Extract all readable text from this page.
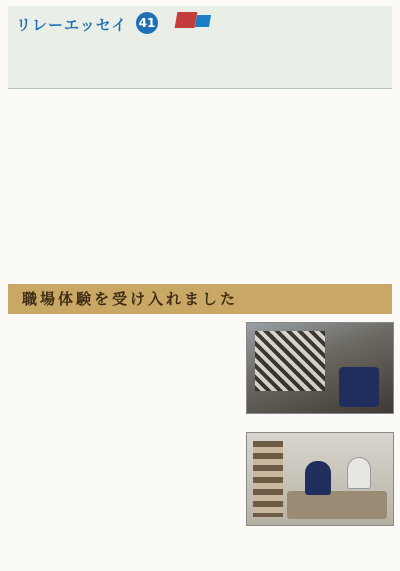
リレーエッセイ 41
職場体験を受け入れました
